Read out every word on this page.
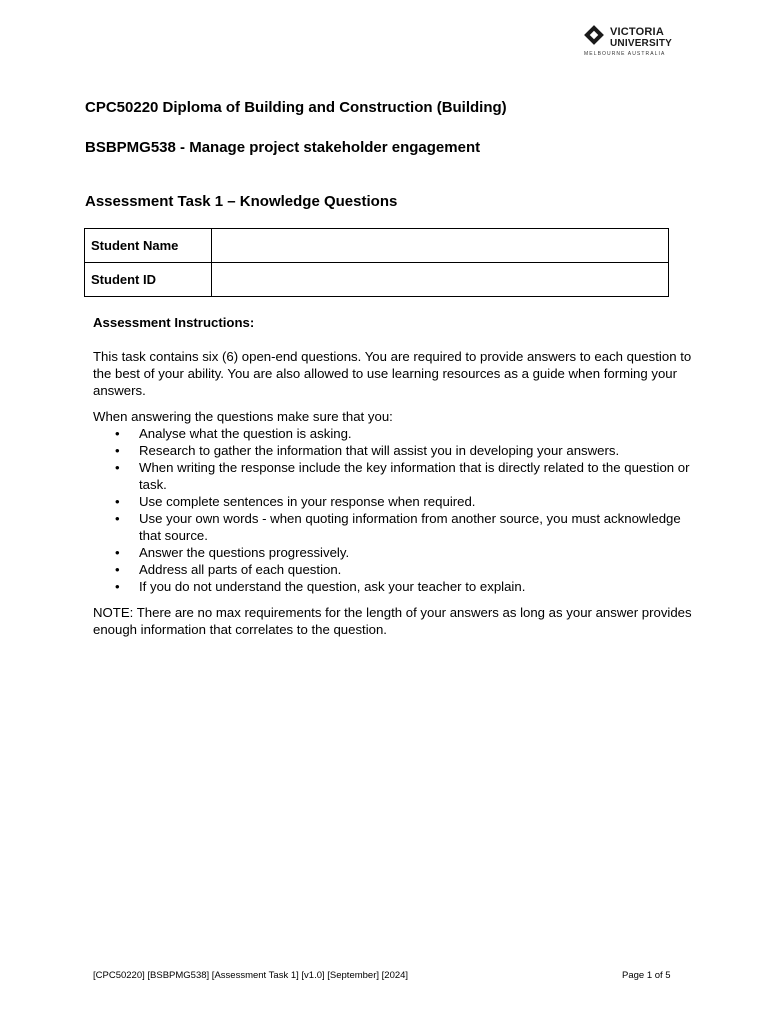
VICTORIA
UNIVERSITY
MELBOURNE AUSTRALIA
CPC50220 Diploma of Building and Construction (Building)
BSBPMG538 - Manage project stakeholder engagement
Assessment Task 1 – Knowledge Questions
Student Name	
Student ID	
Assessment Instructions:

This task contains six (6) open-end questions. You are required to provide answers to each question to the best of your ability. You are also allowed to use learning resources as a guide when forming your answers.

When answering the questions make sure that you:

• Analyse what the question is asking.
• Research to gather the information that will assist you in developing your answers.
• When writing the response include the key information that is directly related to the question or task.
• Use complete sentences in your response when required.
• Use your own words - when quoting information from another source, you must acknowledge that source.
• Answer the questions progressively.
• Address all parts of each question.
• If you do not understand the question, ask your teacher to explain.

NOTE: There are no max requirements for the length of your answers as long as your answer provides enough information that correlates to the question.

[CPC50220] [BSBPMG538] [Assessment Task 1] [v1.0] [September] [2024]	Page 1 of 5
